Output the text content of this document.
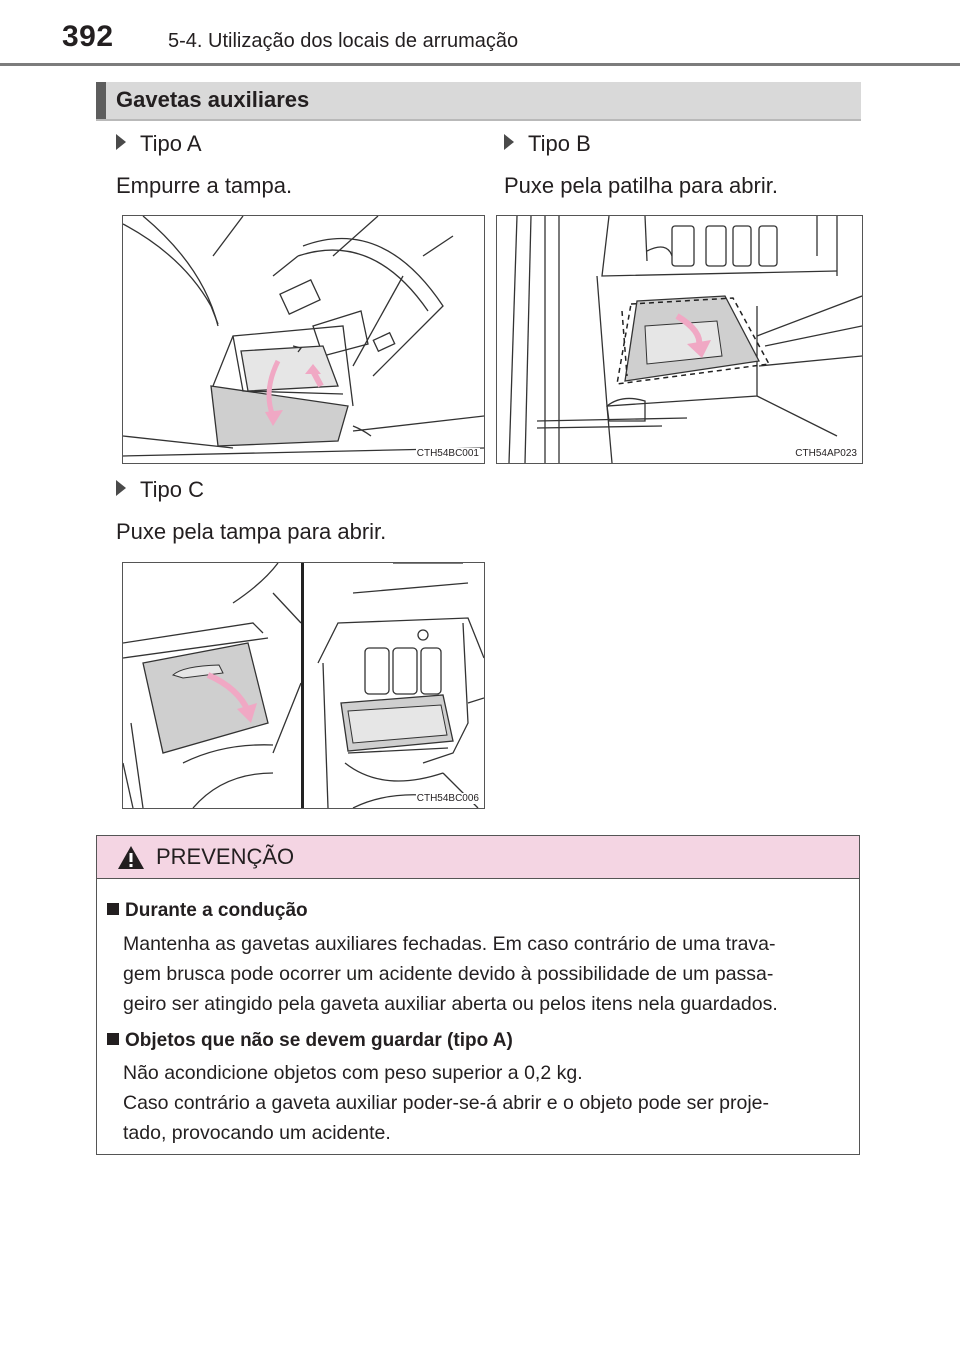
392	5-4. Utilização dos locais de arrumação
Gavetas auxiliares
Tipo A
Empurre a tampa.
Tipo B
Puxe pela patilha para abrir.
CTH54BC001	CTH54AP023
Tipo C
Puxe pela tampa para abrir.
CTH54BC006
PREVENÇÃO
Durante a condução
Mantenha as gavetas auxiliares fechadas. Em caso contrário de uma trava-
gem brusca pode ocorrer um acidente devido à possibilidade de um passa-
geiro ser atingido pela gaveta auxiliar aberta ou pelos itens nela guardados.
Objetos que não se devem guardar (tipo A)
Não acondicione objetos com peso superior a 0,2 kg.
Caso contrário a gaveta auxiliar poder-se-á abrir e o objeto pode ser proje-
tado, provocando um acidente.
